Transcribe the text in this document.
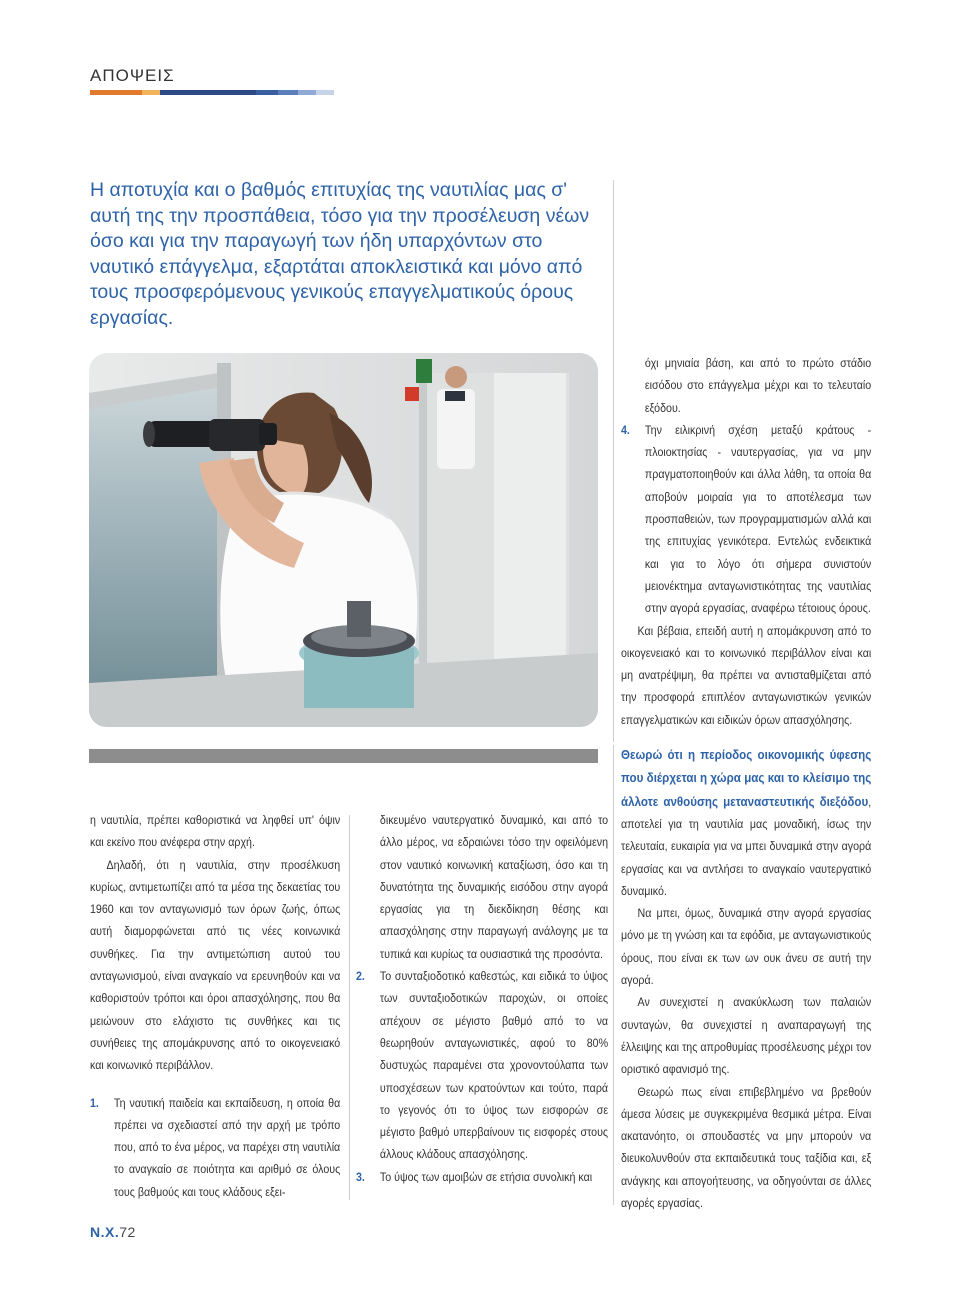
ΑΠΟΨΕΙΣ
Η αποτυχία και ο βαθμός επιτυχίας της ναυτιλίας μας σ' αυτή της την προσπάθεια, τόσο για την προσέλευση νέων όσο και για την παραγωγή των ήδη υπαρχόντων στο ναυτικό επάγγελμα, εξαρτάται αποκλειστικά και μόνο από τους προσφερόμενους γενικούς επαγγελματικούς όρους εργασίας.

η ναυτιλία, πρέπει καθοριστικά να ληφθεί υπ' όψιν και εκείνο που ανέφερα στην αρχή.

Δηλαδή, ότι η ναυτιλία, στην προσέλκυση κυρίως, αντιμετωπίζει από τα μέσα της δεκαετίας του 1960 και τον ανταγωνισμό των όρων ζωής, όπως αυτή διαμορφώνεται από τις νέες κοινωνικά συνθήκες. Για την αντιμετώπιση αυτού του ανταγωνισμού, είναι αναγκαίο να ερευνηθούν και να καθοριστούν τρόποι και όροι απασχόλησης, που θα μειώνουν στο ελάχιστο τις συνθήκες και τις συνήθειες της απομάκρυνσης από το οικογενειακό και κοινωνικό περιβάλλον.

1. Τη ναυτική παιδεία και εκπαίδευση, η οποία θα πρέπει να σχεδιαστεί από την αρχή με τρόπο που, από το ένα μέρος, να παρέχει στη ναυτιλία το αναγκαίο σε ποιότητα και αριθμό σε όλους τους βαθμούς και τους κλάδους εξει-

δικευμένο ναυτεργατικό δυναμικό, και από το άλλο μέρος, να εδραιώνει τόσο την οφειλόμενη στον ναυτικό κοινωνική καταξίωση, όσο και τη δυνατότητα της δυναμικής εισόδου στην αγορά εργασίας για τη διεκδίκηση θέσης και απασχόλησης στην παραγωγή ανάλογης με τα τυπικά και κυρίως τα ουσιαστικά της προσόντα.

2. Το συνταξιοδοτικό καθεστώς, και ειδικά το ύψος των συνταξιοδοτικών παροχών, οι οποίες απέχουν σε μέγιστο βαθμό από το να θεωρηθούν ανταγωνιστικές, αφού το 80% δυστυχώς παραμένει στα χρονοντούλαπα των υποσχέσεων των κρατούντων και τούτο, παρά το γεγονός ότι το ύψος των εισφορών σε μέγιστο βαθμό υπερβαίνουν τις εισφορές στους άλλους κλάδους απασχόλησης.

3. Το ύψος των αμοιβών σε ετήσια συνολική και

όχι μηνιαία βάση, και από το πρώτο στάδιο εισόδου στο επάγγελμα μέχρι και το τελευταίο εξόδου.

4. Την ειλικρινή σχέση μεταξύ κράτους - πλοιοκτησίας - ναυτεργασίας, για να μην πραγματοποιηθούν και άλλα λάθη, τα οποία θα αποβούν μοιραία για το αποτέλεσμα των προσπαθειών, των προγραμματισμών αλλά και της επιτυχίας γενικότερα. Εντελώς ενδεικτικά και για το λόγο ότι σήμερα συνιστούν μειονέκτημα ανταγωνιστικότητας της ναυτιλίας στην αγορά εργασίας, αναφέρω τέτοιους όρους.

Και βέβαια, επειδή αυτή η απομάκρυνση από το οικογενειακό και το κοινωνικό περιβάλλον είναι και μη ανατρέψιμη, θα πρέπει να αντισταθμίζεται από την προσφορά επιπλέον ανταγωνιστικών γενικών επαγγελματικών και ειδικών όρων απασχόλησης.

Θεωρώ ότι η περίοδος οικονομικής ύφεσης που διέρχεται η χώρα μας και το κλείσιμο της άλλοτε ανθούσης μεταναστευτικής διεξόδου, αποτελεί για τη ναυτιλία μας μοναδική, ίσως την τελευταία, ευκαιρία για να μπει δυναμικά στην αγορά εργασίας και να αντλήσει το αναγκαίο ναυτεργατικό δυναμικό.

Να μπει, όμως, δυναμικά στην αγορά εργασίας μόνο με τη γνώση και τα εφόδια, με ανταγωνιστικούς όρους, που είναι εκ των ων ουκ άνευ σε αυτή την αγορά.

Αν συνεχιστεί η ανακύκλωση των παλαιών συνταγών, θα συνεχιστεί η αναπαραγωγή της έλλειψης και της απροθυμίας προσέλευσης μέχρι τον οριστικό αφανισμό της.

Θεωρώ πως είναι επιβεβλημένο να βρεθούν άμεσα λύσεις με συγκεκριμένα θεσμικά μέτρα. Είναι ακατανόητο, οι σπουδαστές να μην μπορούν να διευκολυνθούν στα εκπαιδευτικά τους ταξίδια και, εξ ανάγκης και απογοήτευσης, να οδηγούνται σε άλλες αγορές εργασίας.

Ν.Χ.72
